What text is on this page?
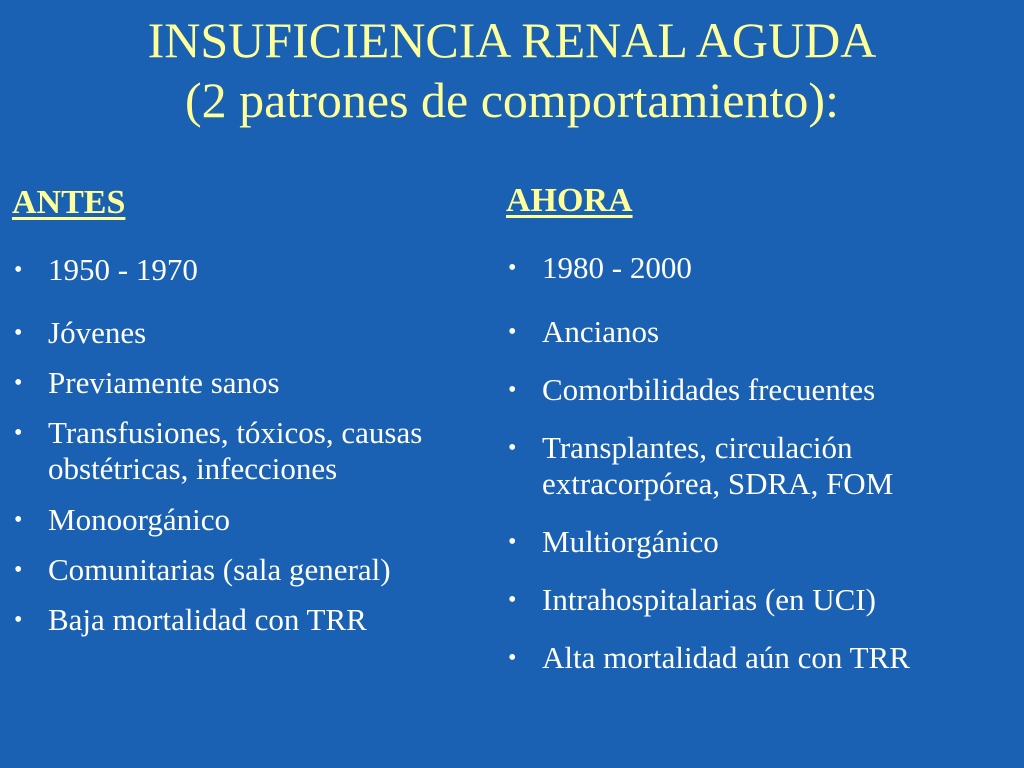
INSUFICIENCIA RENAL AGUDA
(2 patrones de comportamiento):
ANTES
• 1950 - 1970
• Jóvenes
• Previamente sanos
• Transfusiones, tóxicos, causas obstétricas, infecciones
• Monoorgánico
• Comunitarias (sala general)
• Baja mortalidad con TRR
AHORA
• 1980 - 2000
• Ancianos
• Comorbilidades frecuentes
• Transplantes, circulación extracorpórea, SDRA, FOM
• Multiorgánico
• Intrahospitalarias (en UCI)
• Alta mortalidad aún con TRR
